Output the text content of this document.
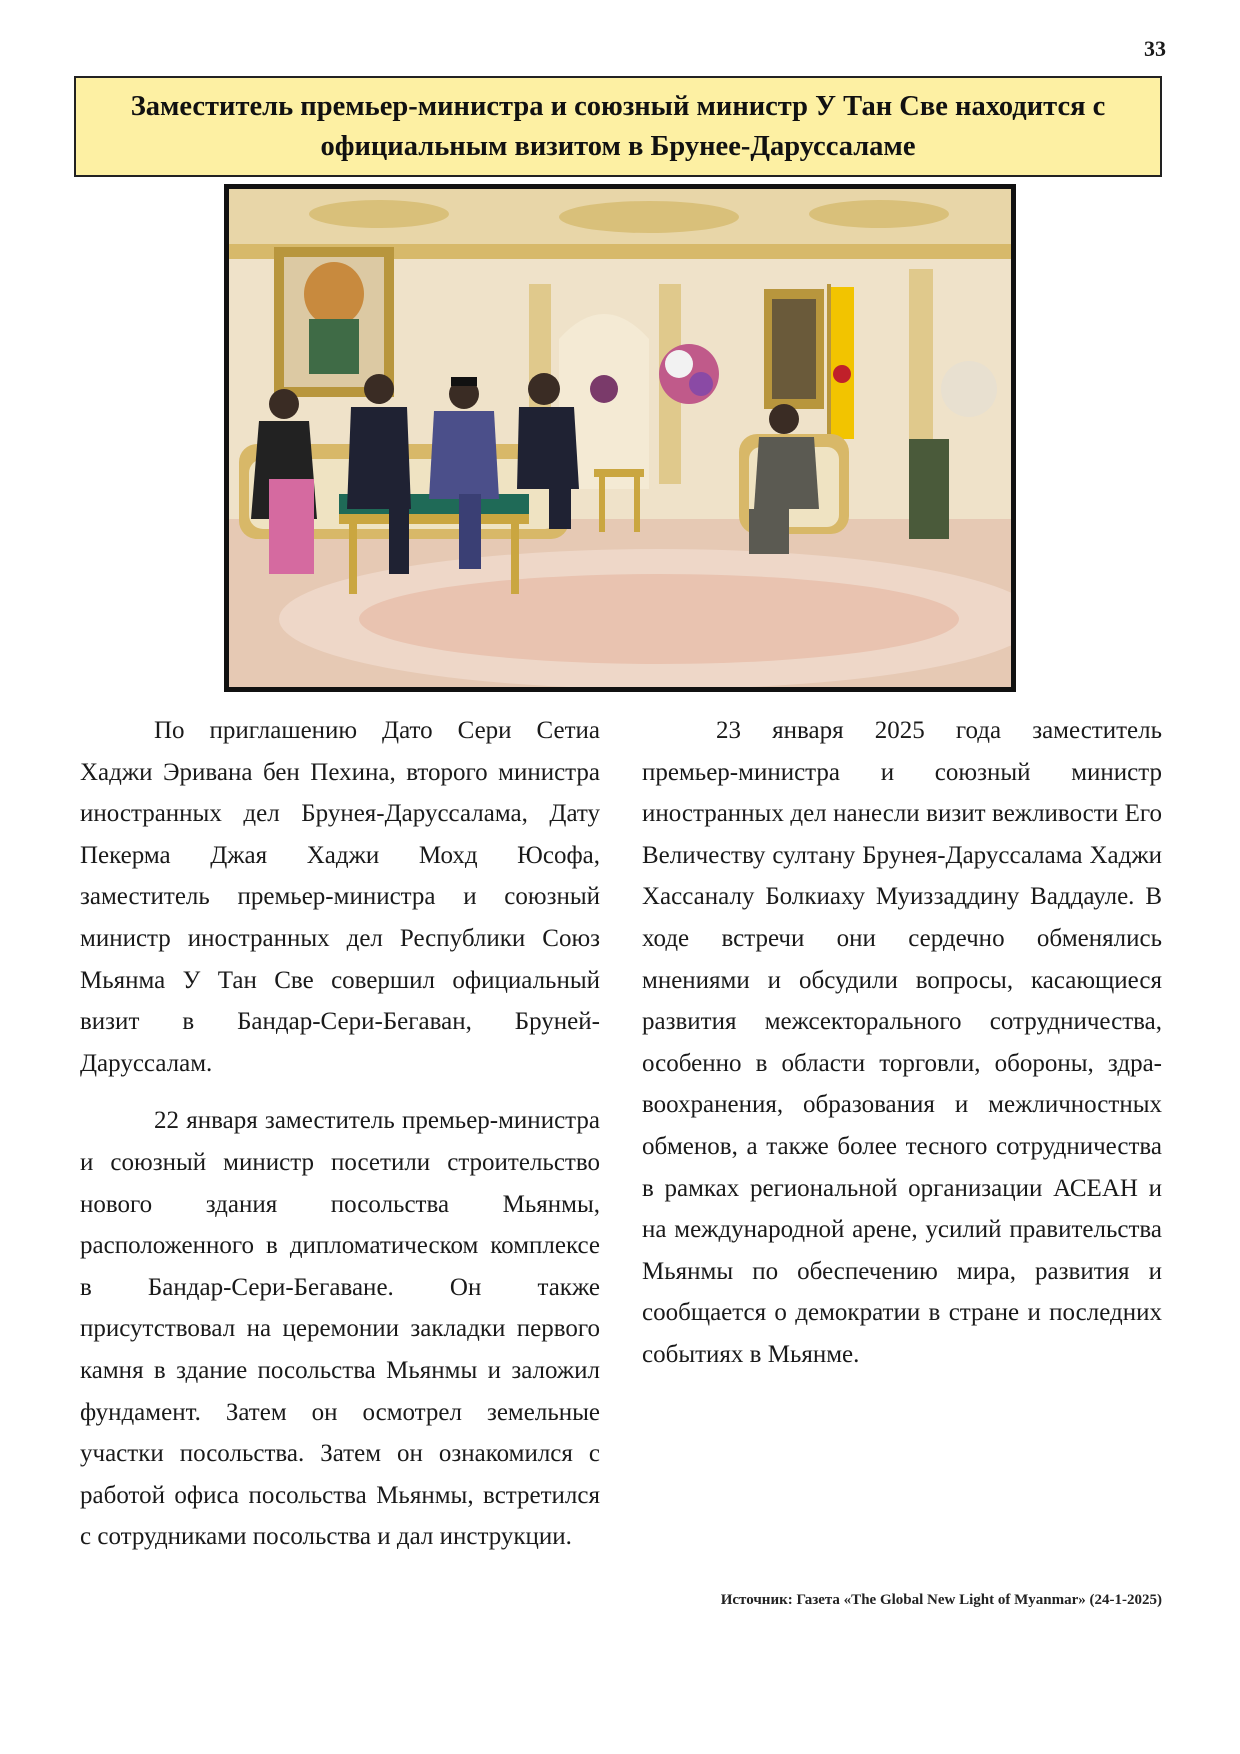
33
Заместитель премьер-министра и союзный министр У Тан Све находится с официальным визитом в Брунее-Даруссаламе

По приглашению Дато Сери Сетиа Хаджи Эривана бен Пехина, второго министра иностранных дел Брунея-Даруссалама, Дату Пекерма Джая Хаджи Мохд Юсофа, заместитель премьер-министра и союзный министр иностранных дел Республики Союз Мьянма У Тан Све совершил официальный визит в Бандар-Сери-Бегаван, Бруней-Даруссалам.

22 января заместитель премьер-министра и союзный министр посетили строительство нового здания посольства Мьянмы, расположенного в дипломатическом комплексе в Бандар-Сери-Бегаване. Он также присутствовал на церемонии закладки первого камня в здание посольства Мьянмы и заложил фундамент. Затем он осмотрел земельные участки посольства. Затем он ознакомился с работой офиса посольства Мьянмы, встретился с сотрудниками посольства и дал инструкции.

23 января 2025 года заместитель премьер-министра и союзный министр иностранных дел нанесли визит вежливости Его Величеству султану Брунея-Даруссалама Хаджи Хассаналу Болкиаху Муиззаддину Ваддауле. В ходе встречи они сердечно обменялись мнениями и обсудили вопросы, касающиеся развития межсекторального сотрудничества, особенно в области торговли, обороны, здравоохранения, образования и межличностных обменов, а также более тесного сотрудничества в рамках региональной организации АСЕАН и на международной арене, усилий правительства Мьянмы по обеспечению мира, развития и сообщается о демократии в стране и последних событиях в Мьянме.

Источник: Газета «The Global New Light of Myanmar» (24-1-2025)
